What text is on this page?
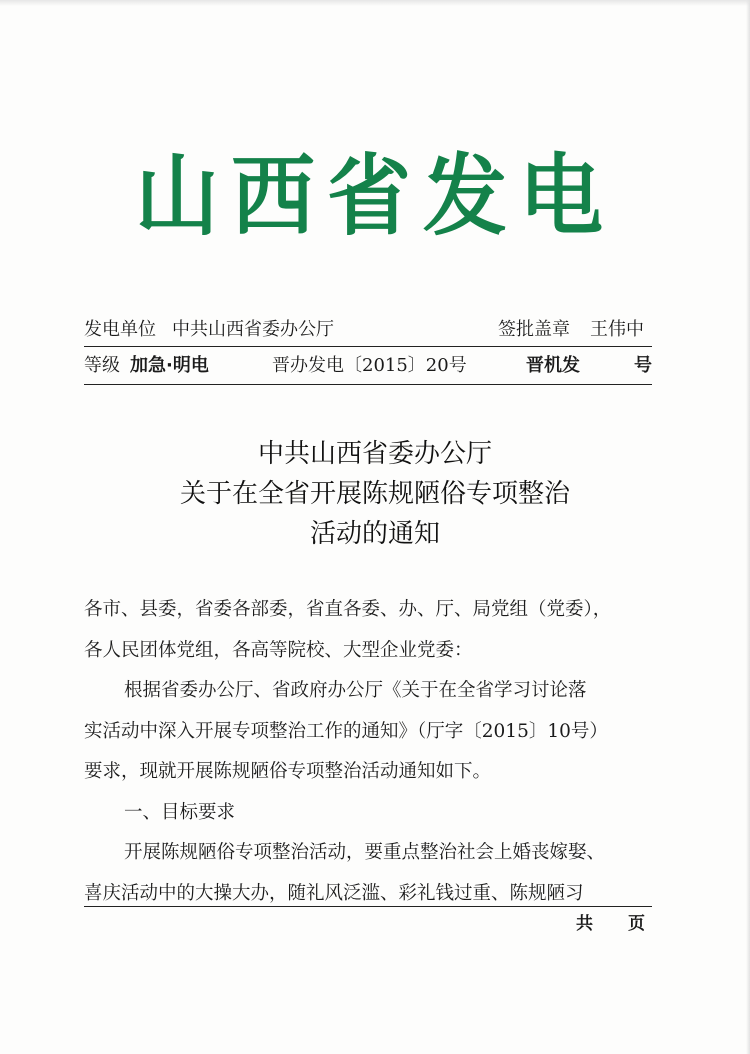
山西省发电
发电单位 中共山西省委办公厅	签批盖章 王伟中
等级 加急·明电	晋办发电〔2015〕20号	晋机发	号
中共山西省委办公厅
关于在全省开展陈规陋俗专项整治
活动的通知

各市、县委，省委各部委，省直各委、办、厅、局党组（党委），

各人民团体党组，各高等院校、大型企业党委：

根据省委办公厅、省政府办公厅《关于在全省学习讨论落

实活动中深入开展专项整治工作的通知》（厅字〔2015〕10号）

要求，现就开展陈规陋俗专项整治活动通知如下。

一、目标要求

开展陈规陋俗专项整治活动，要重点整治社会上婚丧嫁娶、

喜庆活动中的大操大办，随礼风泛滥、彩礼钱过重、陈规陋习

共 页
